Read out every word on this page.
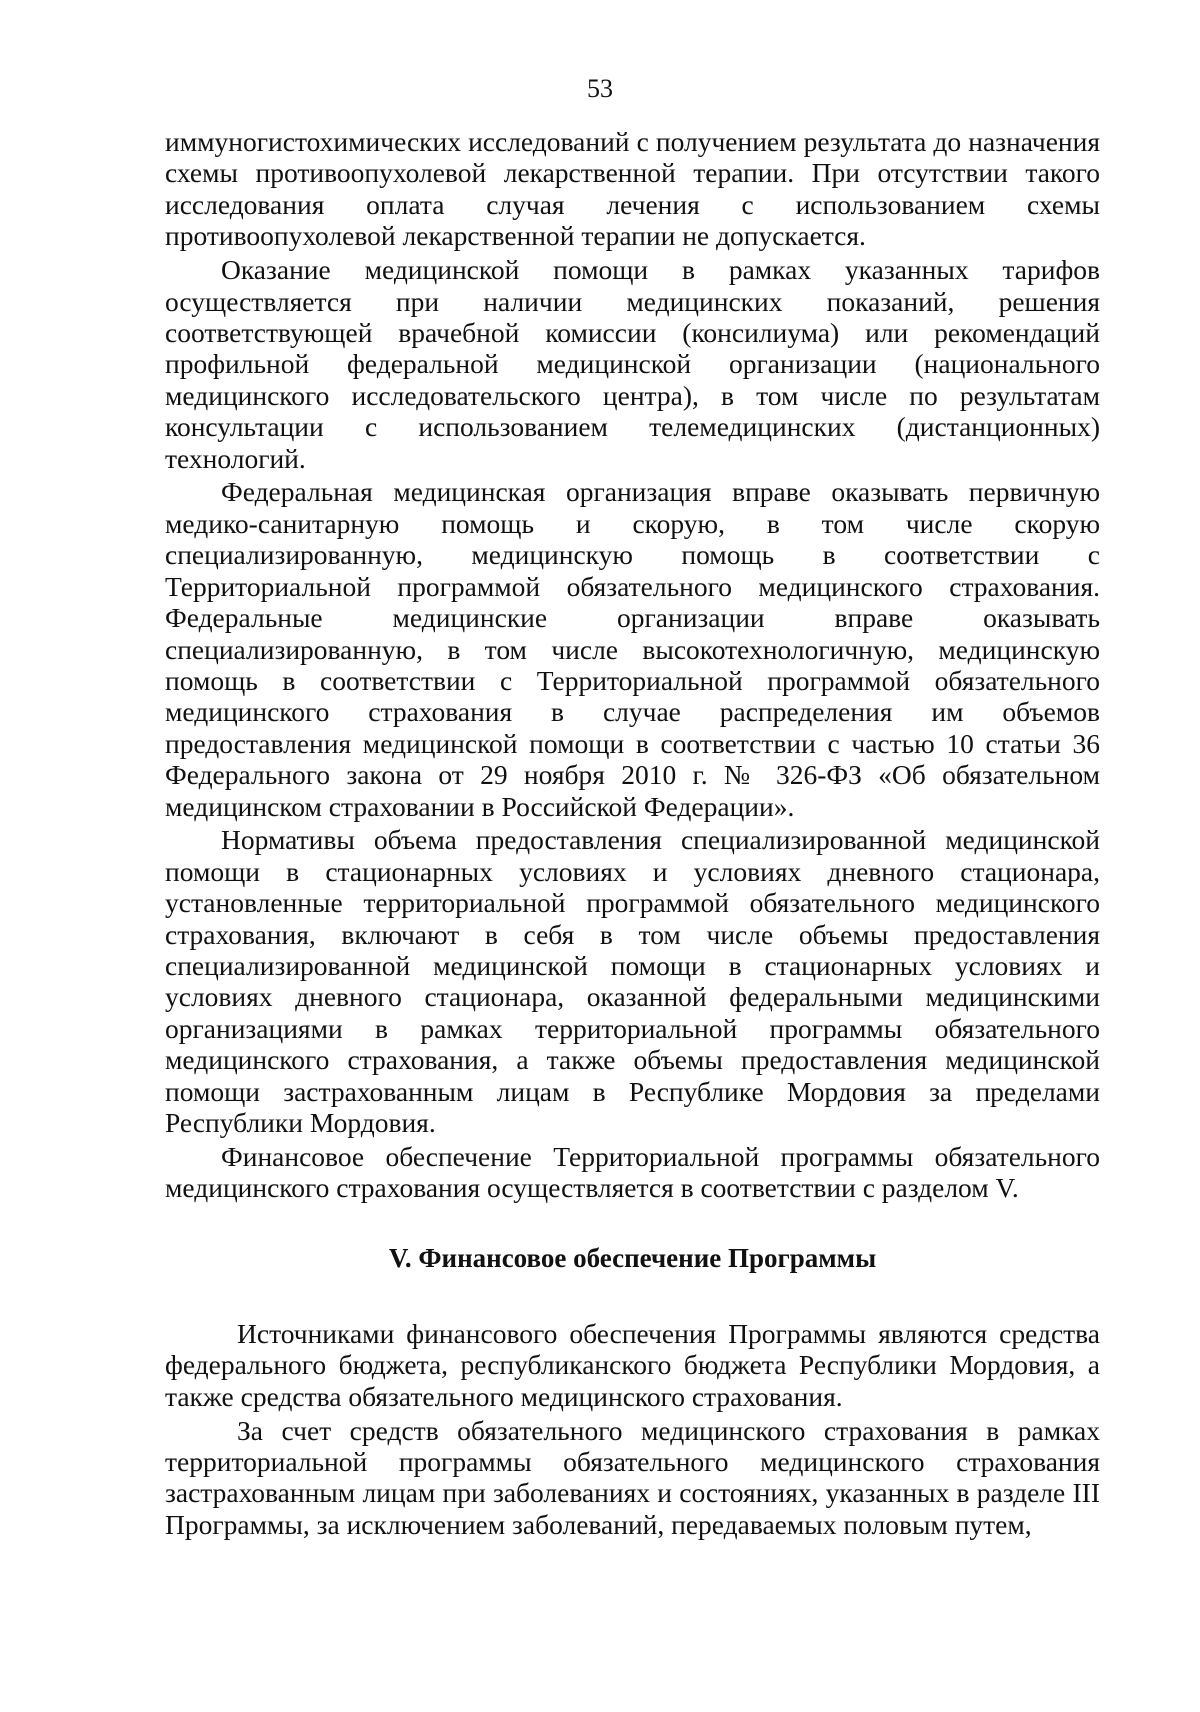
53

иммуногистохимических исследований с получением результата до назначения схемы противоопухолевой лекарственной терапии. При отсутствии такого исследования оплата случая лечения с использованием схемы противоопухолевой лекарственной терапии не допускается.

Оказание медицинской помощи в рамках указанных тарифов осуществляется при наличии медицинских показаний, решения соответствующей врачебной комиссии (консилиума) или рекомендаций профильной федеральной медицинской организации (национального медицинского исследовательского центра), в том числе по результатам консультации с использованием телемедицинских (дистанционных) технологий.

Федеральная медицинская организация вправе оказывать первичную медико-санитарную помощь и скорую, в том числе скорую специализированную, медицинскую помощь в соответствии с Территориальной программой обязательного медицинского страхования. Федеральные медицинские организации вправе оказывать специализированную, в том числе высокотехнологичную, медицинскую помощь в соответствии с Территориальной программой обязательного медицинского страхования в случае распределения им объемов предоставления медицинской помощи в соответствии с частью 10 статьи 36 Федерального закона от 29 ноября 2010 г. № 326-ФЗ «Об обязательном медицинском страховании в Российской Федерации».

Нормативы объема предоставления специализированной медицинской помощи в стационарных условиях и условиях дневного стационара, установленные территориальной программой обязательного медицинского страхования, включают в себя в том числе объемы предоставления специализированной медицинской помощи в стационарных условиях и условиях дневного стационара, оказанной федеральными медицинскими организациями в рамках территориальной программы обязательного медицинского страхования, а также объемы предоставления медицинской помощи застрахованным лицам в Республике Мордовия за пределами Республики Мордовия.

Финансовое обеспечение Территориальной программы обязательного медицинского страхования осуществляется в соответствии с разделом V.

V. Финансовое обеспечение Программы

Источниками финансового обеспечения Программы являются средства федерального бюджета, республиканского бюджета Республики Мордовия, а также средства обязательного медицинского страхования.

За счет средств обязательного медицинского страхования в рамках территориальной программы обязательного медицинского страхования застрахованным лицам при заболеваниях и состояниях, указанных в разделе III Программы, за исключением заболеваний, передаваемых половым путем,
